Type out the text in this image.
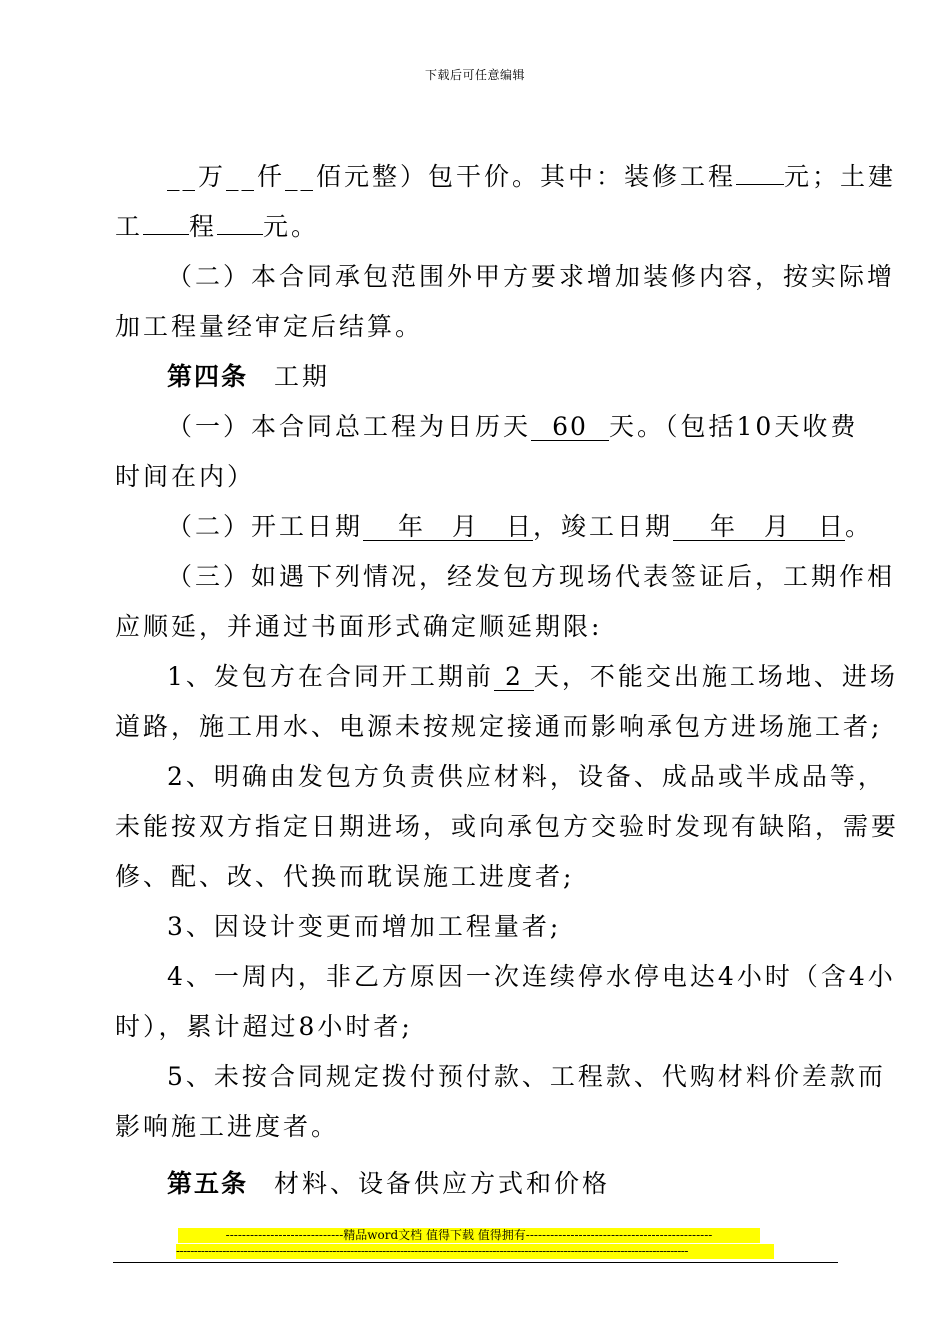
下载后可任意编辑
__万__仟__佰元整）包干价。其中：装修工程 元；土建
工 程 元。
（二）本合同承包范围外甲方要求增加装修内容，按实际增
加工程量经审定后结算。
第四条 工期
（一）本合同总工程为日历天 60 天。（包括10天收费
时间在内）
（二）开工日期 年　月　日，竣工日期 年　月　日。
（三）如遇下列情况，经发包方现场代表签证后，工期作相
应顺延，并通过书面形式确定顺延期限:
1、发包方在合同开工期前 2 天，不能交出施工场地、进场
道路，施工用水、电源未按规定接通而影响承包方进场施工者;
2、明确由发包方负责供应材料，设备、成品或半成品等，
未能按双方指定日期进场，或向承包方交验时发现有缺陷，需要
修、配、改、代换而耽误施工进度者;
3、因设计变更而增加工程量者;
4、一周内，非乙方原因一次连续停水停电达4小时（含4小
时），累计超过8小时者;
5、未按合同规定拨付预付款、工程款、代购材料价差款而
影响施工进度者。
第五条 材料、设备供应方式和价格
-----------------------------精品word文档 值得下载 值得拥有----------------------------------------------
------------------------------------------------------------------------------------------------------------------------------------------------
